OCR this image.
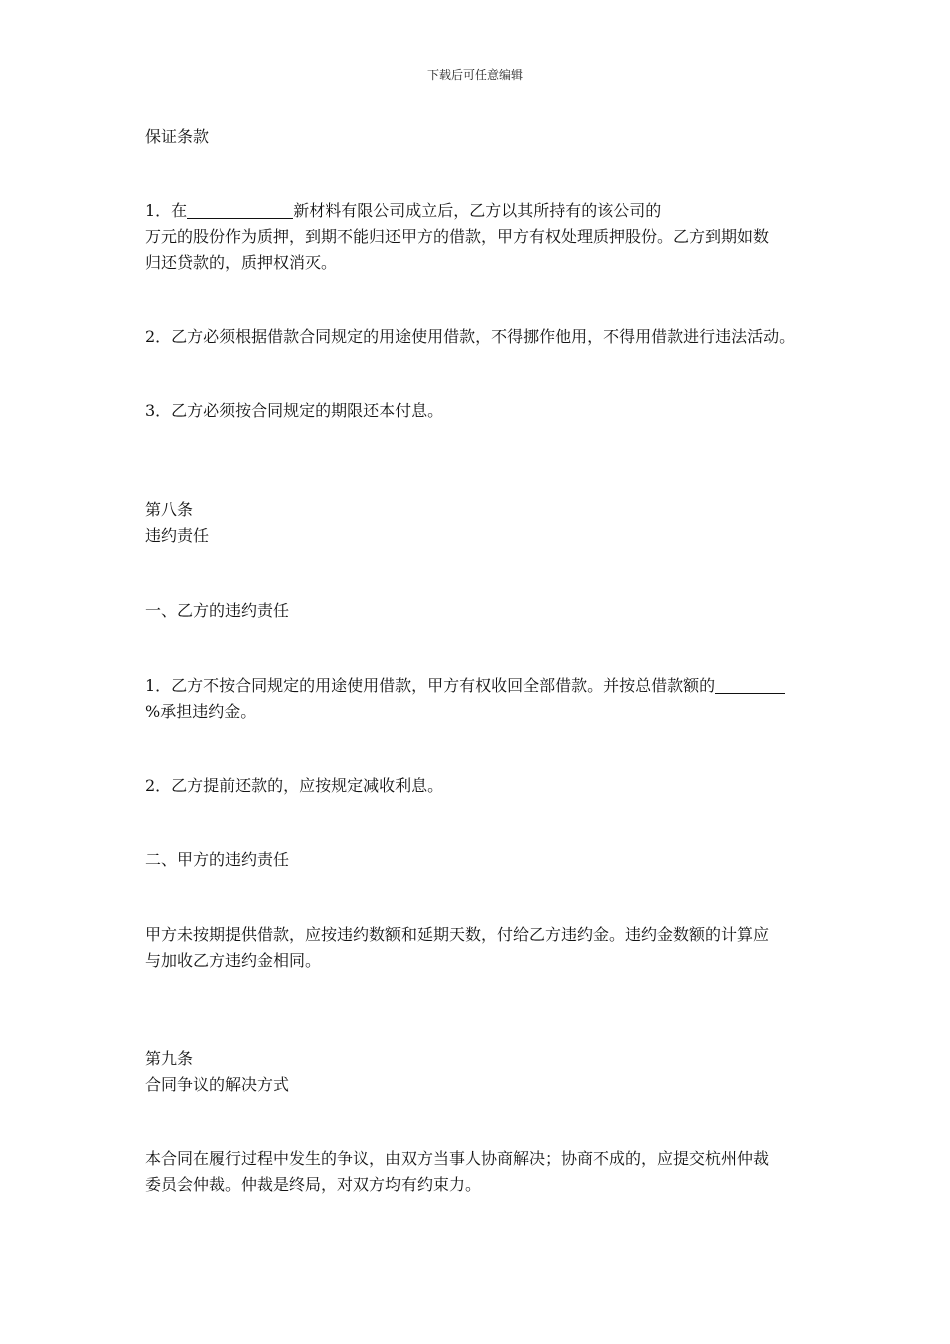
下载后可任意编辑
保证条款
1．在	新材料有限公司成立后，乙方以其所持有的该公司的
万元的股份作为质押，到期不能归还甲方的借款，甲方有权处理质押股份。乙方到期如数
归还贷款的，质押权消灭。
2．乙方必须根据借款合同规定的用途使用借款，不得挪作他用，不得用借款进行违法活动。
3．乙方必须按合同规定的期限还本付息。
第八条
违约责任
一、乙方的违约责任
1．乙方不按合同规定的用途使用借款，甲方有权收回全部借款。并按总借款额的
%承担违约金。
2．乙方提前还款的，应按规定减收利息。
二、甲方的违约责任
甲方未按期提供借款，应按违约数额和延期天数，付给乙方违约金。违约金数额的计算应
与加收乙方违约金相同。
第九条
合同争议的解决方式
本合同在履行过程中发生的争议，由双方当事人协商解决；协商不成的，应提交杭州仲裁
委员会仲裁。仲裁是终局，对双方均有约束力。
